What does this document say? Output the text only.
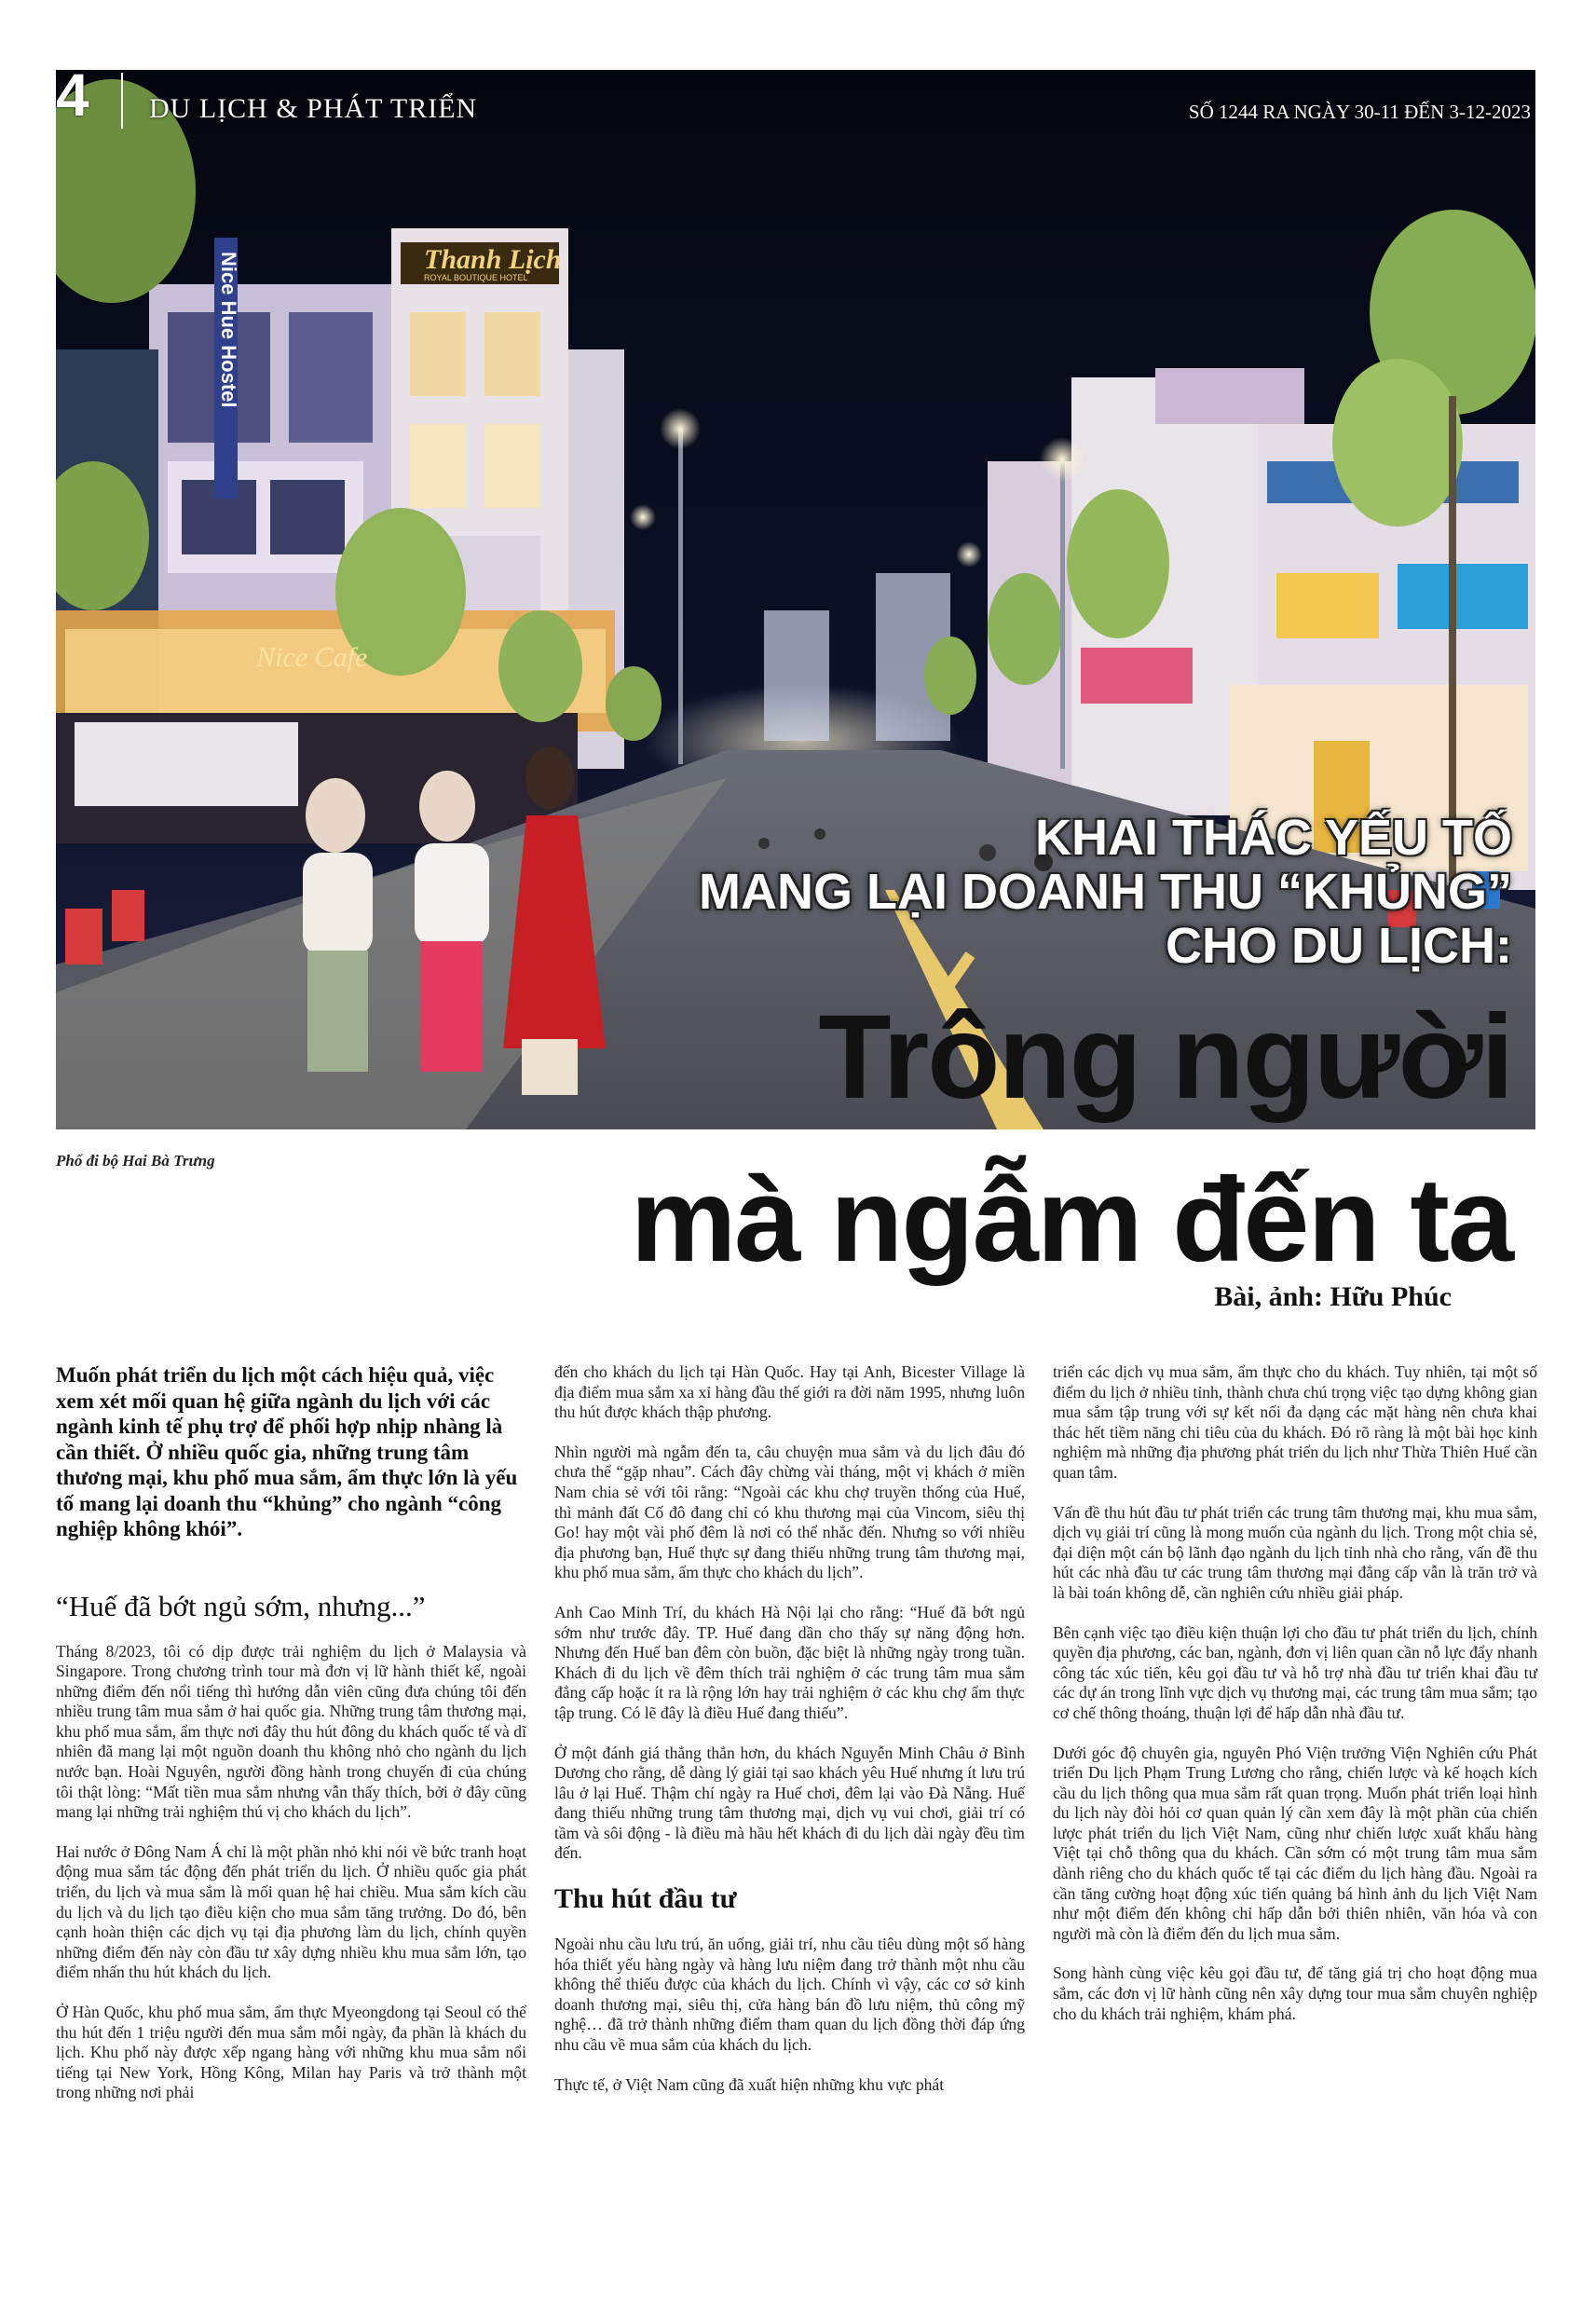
Thanh Lịch
ROYAL BOUTIQUE HOTEL
Nice Hue Hostel
Nice Cafe
4 DU LỊCH & PHÁT TRIỂN	SỐ 1244 RA NGÀY 30-11 ĐẾN 3-12-2023
KHAI THÁC YẾU TỐ
MANG LẠI DOANH THU “KHỦNG”
CHO DU LỊCH:
Trông người
mà ngẫm đến ta
Phố đi bộ Hai Bà Trưng
Bài, ảnh: Hữu Phúc

Muốn phát triển du lịch một cách hiệu quả, việc xem xét mối quan hệ giữa ngành du lịch với các ngành kinh tế phụ trợ để phối hợp nhịp nhàng là cần thiết. Ở nhiều quốc gia, những trung tâm thương mại, khu phố mua sắm, ẩm thực lớn là yếu tố mang lại doanh thu “khủng” cho ngành “công nghiệp không khói”.

“Huế đã bớt ngủ sớm, nhưng...”

Tháng 8/2023, tôi có dịp được trải nghiệm du lịch ở Malaysia và Singapore. Trong chương trình tour mà đơn vị lữ hành thiết kế, ngoài những điểm đến nổi tiếng thì hướng dẫn viên cũng đưa chúng tôi đến nhiều trung tâm mua sắm ở hai quốc gia. Những trung tâm thương mại, khu phố mua sắm, ẩm thực nơi đây thu hút đông du khách quốc tế và dĩ nhiên đã mang lại một nguồn doanh thu không nhỏ cho ngành du lịch nước bạn. Hoài Nguyên, người đồng hành trong chuyến đi của chúng tôi thật lòng: “Mất tiền mua sắm nhưng vẫn thấy thích, bởi ở đây cũng mang lại những trải nghiệm thú vị cho khách du lịch”.

Hai nước ở Đông Nam Á chỉ là một phần nhỏ khi nói về bức tranh hoạt động mua sắm tác động đến phát triển du lịch. Ở nhiều quốc gia phát triển, du lịch và mua sắm là mối quan hệ hai chiều. Mua sắm kích cầu du lịch và du lịch tạo điều kiện cho mua sắm tăng trưởng. Do đó, bên cạnh hoàn thiện các dịch vụ tại địa phương làm du lịch, chính quyền những điểm đến này còn đầu tư xây dựng nhiều khu mua sắm lớn, tạo điểm nhấn thu hút khách du lịch.

Ở Hàn Quốc, khu phố mua sắm, ẩm thực Myeongdong tại Seoul có thể thu hút đến 1 triệu người đến mua sắm mỗi ngày, đa phần là khách du lịch. Khu phố này được xếp ngang hàng với những khu mua sắm nổi tiếng tại New York, Hồng Kông, Milan hay Paris và trở thành một trong những nơi phải

đến cho khách du lịch tại Hàn Quốc. Hay tại Anh, Bicester Village là địa điểm mua sắm xa xỉ hàng đầu thế giới ra đời năm 1995, nhưng luôn thu hút được khách thập phương.

Nhìn người mà ngẫm đến ta, câu chuyện mua sắm và du lịch đâu đó chưa thể “gặp nhau”. Cách đây chừng vài tháng, một vị khách ở miền Nam chia sẻ với tôi rằng: “Ngoài các khu chợ truyền thống của Huế, thì mảnh đất Cố đô đang chỉ có khu thương mại của Vincom, siêu thị Go! hay một vài phố đêm là nơi có thể nhắc đến. Nhưng so với nhiều địa phương bạn, Huế thực sự đang thiếu những trung tâm thương mại, khu phố mua sắm, ẩm thực cho khách du lịch”.

Anh Cao Minh Trí, du khách Hà Nội lại cho rằng: “Huế đã bớt ngủ sớm như trước đây. TP. Huế đang dần cho thấy sự năng động hơn. Nhưng đến Huế ban đêm còn buồn, đặc biệt là những ngày trong tuần. Khách đi du lịch về đêm thích trải nghiệm ở các trung tâm mua sắm đẳng cấp hoặc ít ra là rộng lớn hay trải nghiệm ở các khu chợ ẩm thực tập trung. Có lẽ đây là điều Huế đang thiếu”.

Ở một đánh giá thẳng thắn hơn, du khách Nguyễn Minh Châu ở Bình Dương cho rằng, dễ dàng lý giải tại sao khách yêu Huế nhưng ít lưu trú lâu ở lại Huế. Thậm chí ngày ra Huế chơi, đêm lại vào Đà Nẵng. Huế đang thiếu những trung tâm thương mại, dịch vụ vui chơi, giải trí có tầm và sôi động - là điều mà hầu hết khách đi du lịch dài ngày đều tìm đến.

Thu hút đầu tư

Ngoài nhu cầu lưu trú, ăn uống, giải trí, nhu cầu tiêu dùng một số hàng hóa thiết yếu hàng ngày và hàng lưu niệm đang trở thành một nhu cầu không thể thiếu được của khách du lịch. Chính vì vậy, các cơ sở kinh doanh thương mại, siêu thị, cửa hàng bán đồ lưu niệm, thủ công mỹ nghệ… đã trở thành những điểm tham quan du lịch đồng thời đáp ứng nhu cầu về mua sắm của khách du lịch.

Thực tế, ở Việt Nam cũng đã xuất hiện những khu vực phát

triển các dịch vụ mua sắm, ẩm thực cho du khách. Tuy nhiên, tại một số điểm du lịch ở nhiều tỉnh, thành chưa chú trọng việc tạo dựng không gian mua sắm tập trung với sự kết nối đa dạng các mặt hàng nên chưa khai thác hết tiềm năng chi tiêu của du khách. Đó rõ ràng là một bài học kinh nghiệm mà những địa phương phát triển du lịch như Thừa Thiên Huế cần quan tâm.

Vấn đề thu hút đầu tư phát triển các trung tâm thương mại, khu mua sắm, dịch vụ giải trí cũng là mong muốn của ngành du lịch. Trong một chia sẻ, đại diện một cán bộ lãnh đạo ngành du lịch tỉnh nhà cho rằng, vấn đề thu hút các nhà đầu tư các trung tâm thương mại đẳng cấp vẫn là trăn trở và là bài toán không dễ, cần nghiên cứu nhiều giải pháp.

Bên cạnh việc tạo điều kiện thuận lợi cho đầu tư phát triển du lịch, chính quyền địa phương, các ban, ngành, đơn vị liên quan cần nỗ lực đẩy nhanh công tác xúc tiến, kêu gọi đầu tư và hỗ trợ nhà đầu tư triển khai đầu tư các dự án trong lĩnh vực dịch vụ thương mại, các trung tâm mua sắm; tạo cơ chế thông thoáng, thuận lợi để hấp dẫn nhà đầu tư.

Dưới góc độ chuyên gia, nguyên Phó Viện trưởng Viện Nghiên cứu Phát triển Du lịch Phạm Trung Lương cho rằng, chiến lược và kế hoạch kích cầu du lịch thông qua mua sắm rất quan trọng. Muốn phát triển loại hình du lịch này đòi hỏi cơ quan quản lý cần xem đây là một phần của chiến lược phát triển du lịch Việt Nam, cũng như chiến lược xuất khẩu hàng Việt tại chỗ thông qua du khách. Cần sớm có một trung tâm mua sắm dành riêng cho du khách quốc tế tại các điểm du lịch hàng đầu. Ngoài ra cần tăng cường hoạt động xúc tiến quảng bá hình ảnh du lịch Việt Nam như một điểm đến không chỉ hấp dẫn bởi thiên nhiên, văn hóa và con người mà còn là điểm đến du lịch mua sắm.

Song hành cùng việc kêu gọi đầu tư, để tăng giá trị cho hoạt động mua sắm, các đơn vị lữ hành cũng nên xây dựng tour mua sắm chuyên nghiệp cho du khách trải nghiệm, khám phá.
